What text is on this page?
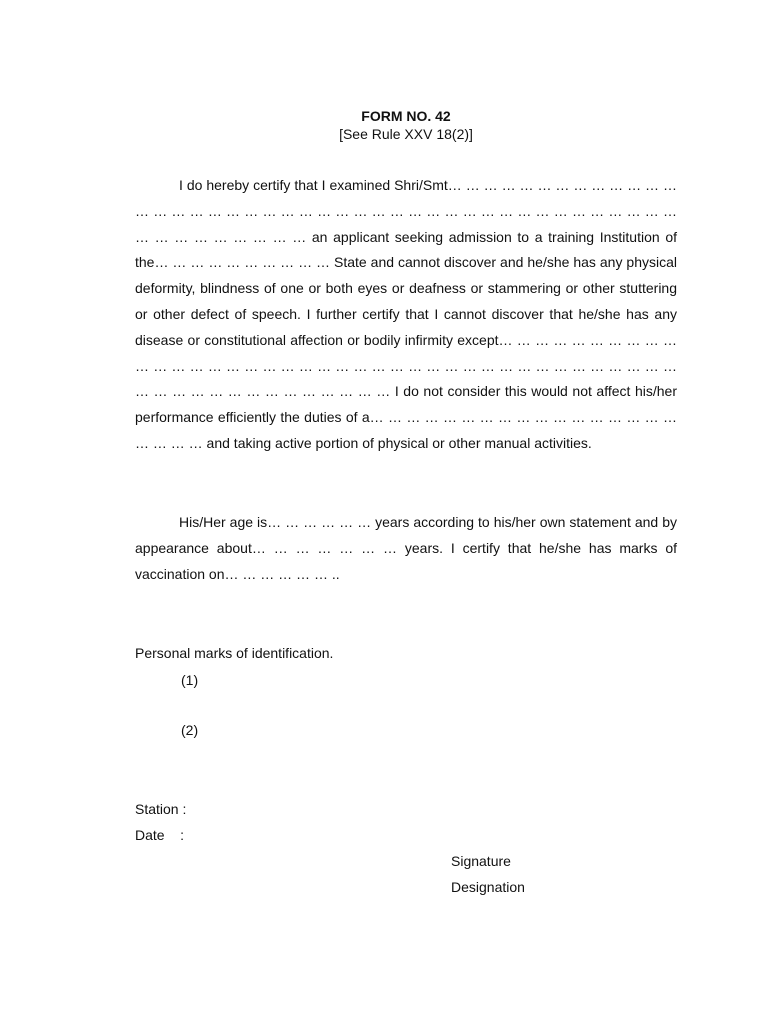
FORM NO. 42
[See Rule XXV 18(2)]
I do hereby certify that I examined Shri/Smt… … … … … … … … … … … … … … … … … … … … … … … … … … … … … … … … … … … … … … … … … … … … … … … … … … … … an applicant seeking admission to a training Institution of the… … … … … … … … … … State and cannot discover and he/she has any physical deformity, blindness of one or both eyes or deafness or stammering or other stuttering or other defect of speech. I further certify that I cannot discover that he/she has any disease or constitutional affection or bodily infirmity except… … … … … … … … … … … … … … … … … … … … … … … … … … … … … … … … … … … … … … … … … … … … … … … … … … … … … … I do not consider this would not affect his/her performance efficiently the duties of a… … … … … … … … … … … … … … … … … … … … … and taking active portion of physical or other manual activities.
His/Her age is… … … … … … years according to his/her own statement and by appearance about… … … … … … … years. I certify that he/she has marks of vaccination on… … … … … … ..
Personal marks of identification.
(1)
(2)
Station :
Date    :
Signature
Designation
